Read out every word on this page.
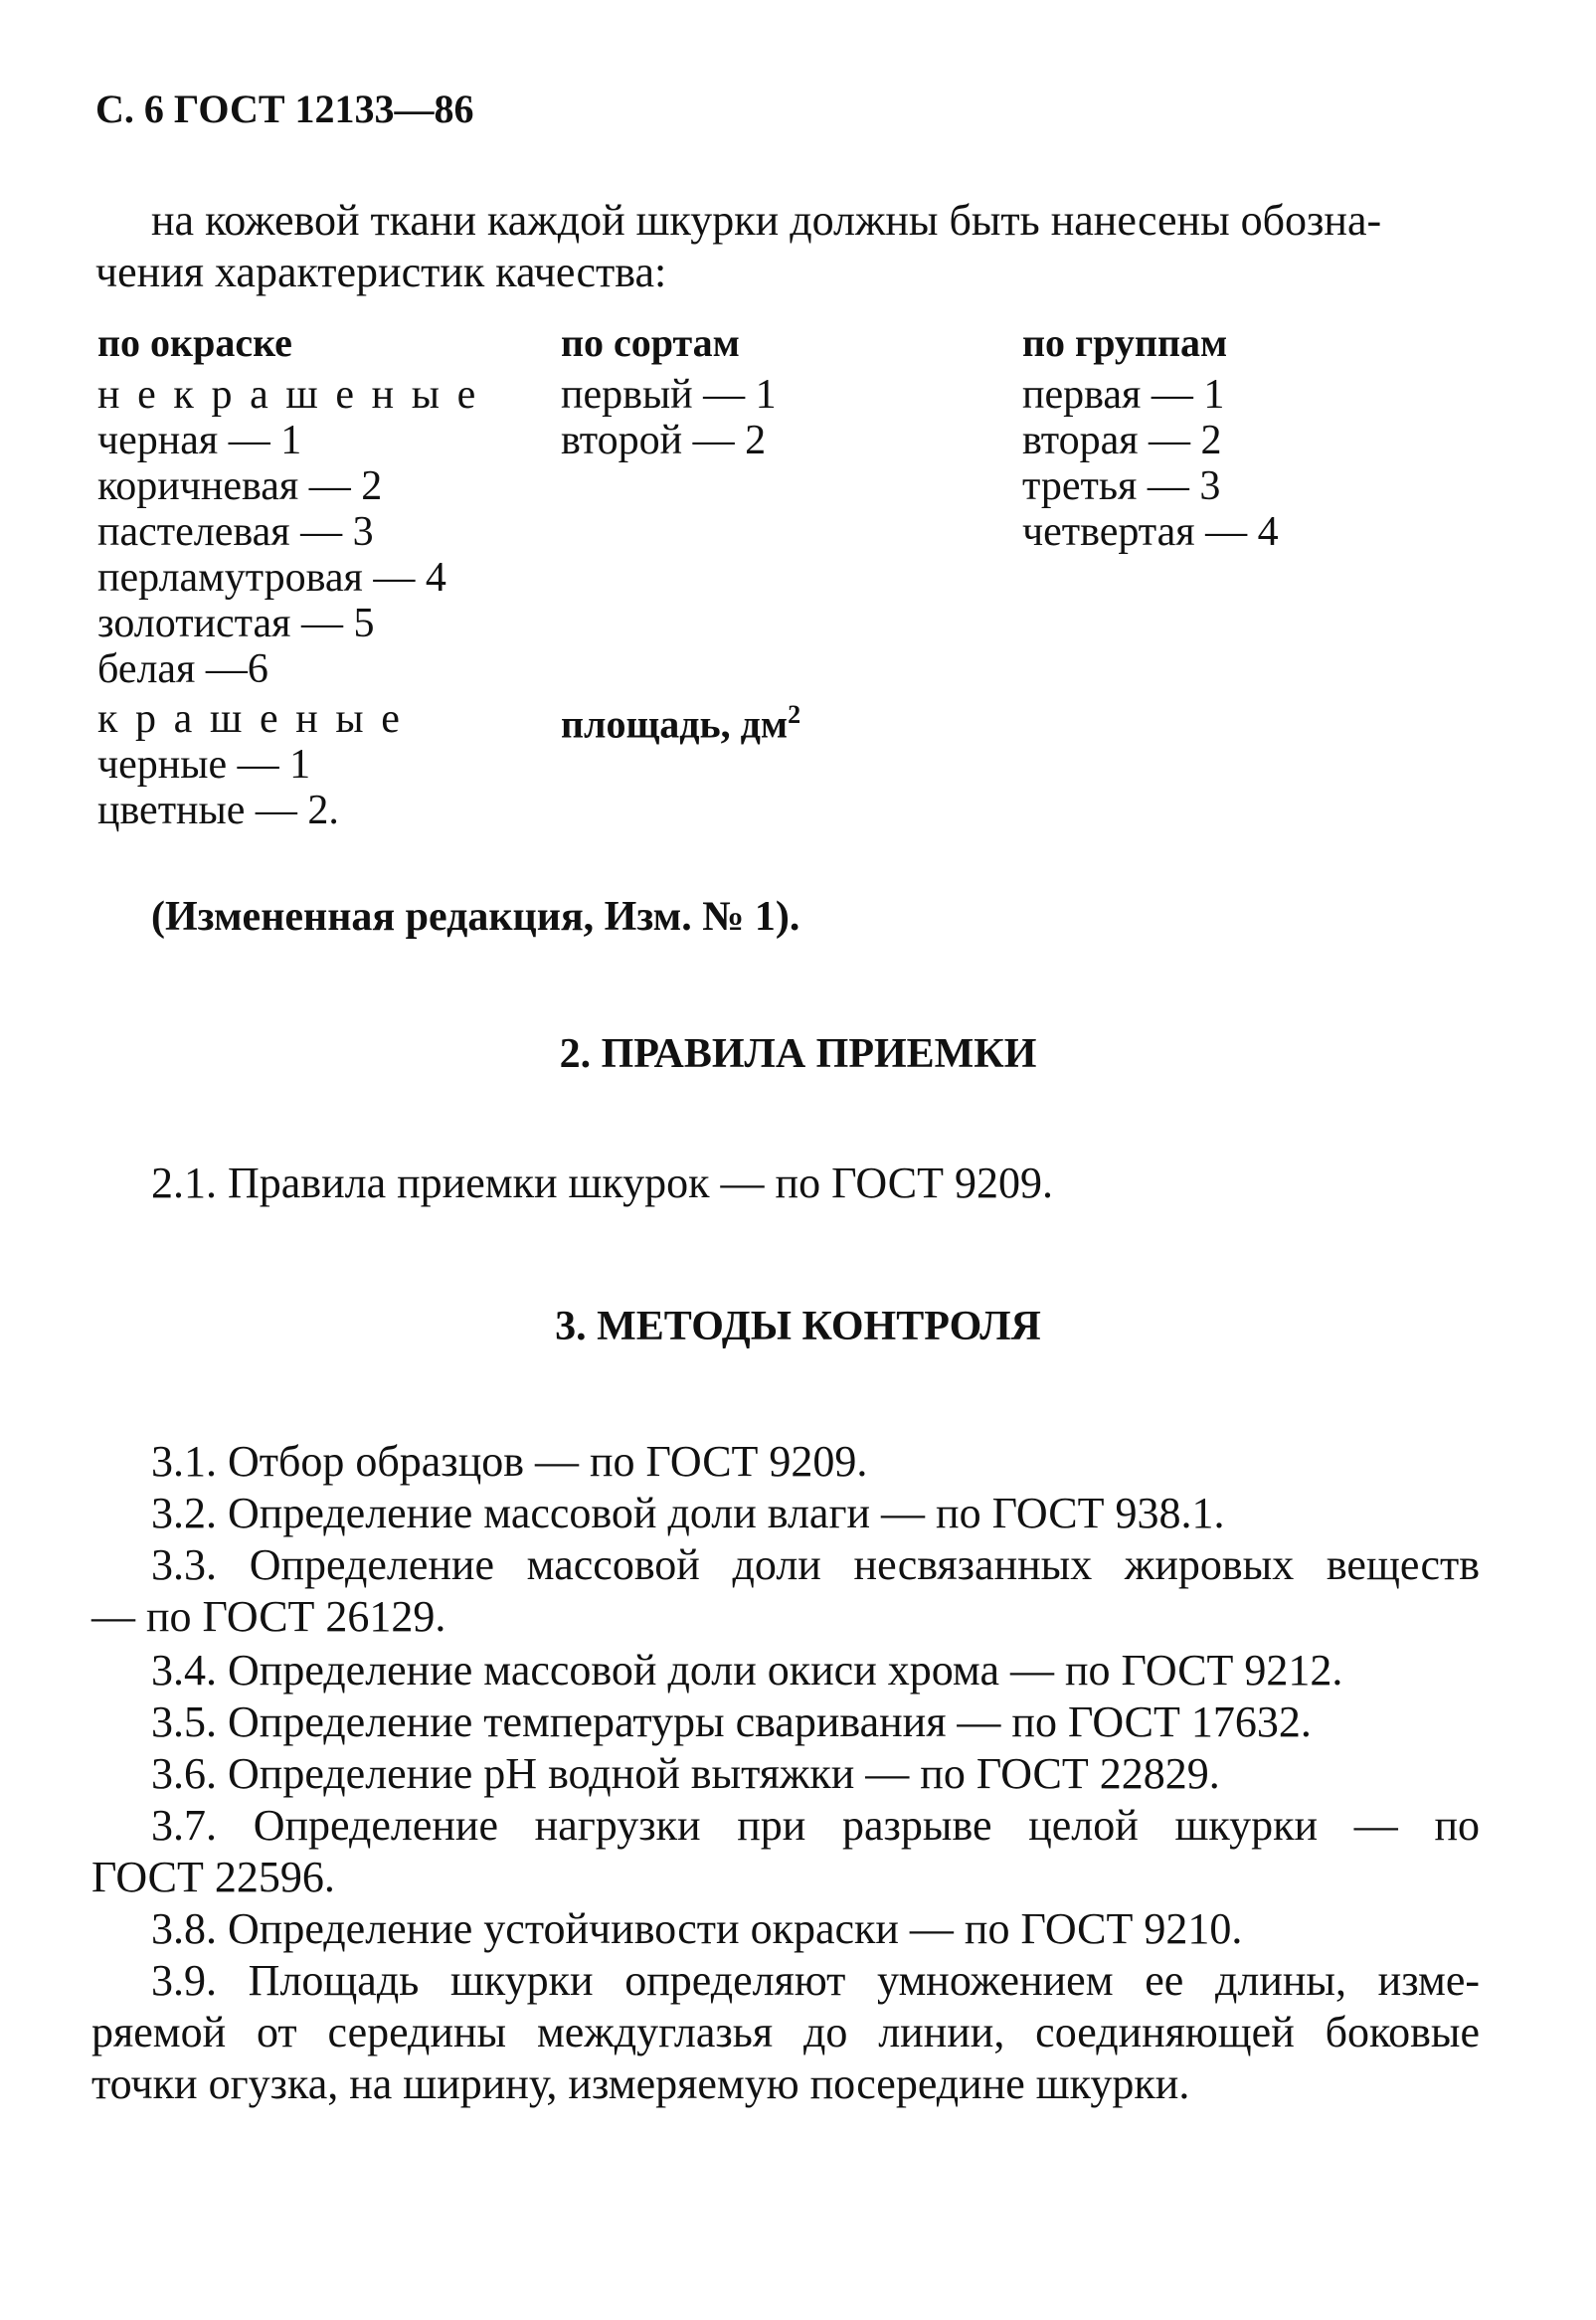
С. 6 ГОСТ 12133—86
на кожевой ткани каждой шкурки должны быть нанесены обозна-
чения характеристик качества:
по окраске
некрашеные
черная — 1
коричневая — 2
пастелевая — 3
перламутровая — 4
золотистая — 5
белая —6
крашеные
черные — 1
цветные — 2.
по сортам
первый — 1
второй — 2
площадь, $дм^2$
по группам
первая — 1
вторая — 2
третья — 3
четвертая — 4
(Измененная редакция, Изм. № 1).
2. ПРАВИЛА ПРИЕМКИ
2.1. Правила приемки шкурок — по ГОСТ 9209.
3. МЕТОДЫ КОНТРОЛЯ
3.1. Отбор образцов — по ГОСТ 9209.
3.2. Определение массовой доли влаги — по ГОСТ 938.1.
3.3. Определение массовой доли несвязанных жировых веществ
— по ГОСТ 26129.
3.4. Определение массовой доли окиси хрома — по ГОСТ 9212.
3.5. Определение температуры сваривания — по ГОСТ 17632.
3.6. Определение рН водной вытяжки — по ГОСТ 22829.
3.7. Определение нагрузки при разрыве целой шкурки — по
ГОСТ 22596.
3.8. Определение устойчивости окраски — по ГОСТ 9210.
3.9. Площадь шкурки определяют умножением ее длины, изме-
ряемой от середины междуглазья до линии, соединяющей боковые
точки огузка, на ширину, измеряемую посередине шкурки.
